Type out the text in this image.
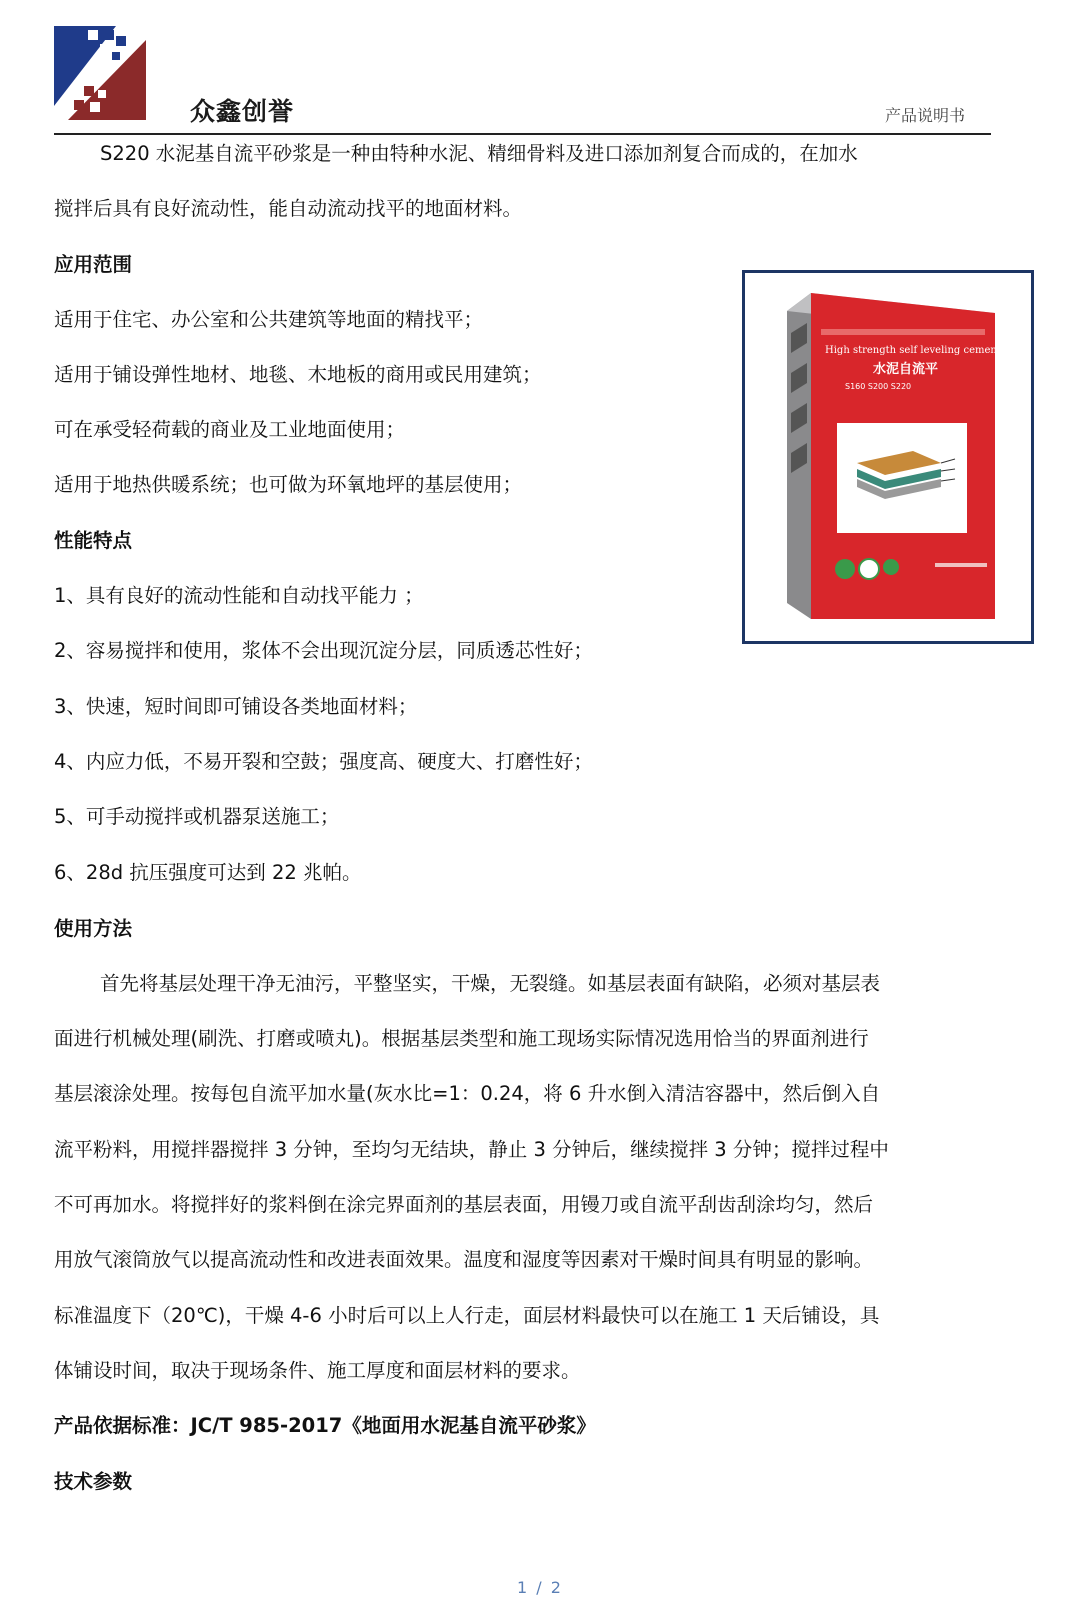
众鑫创誉	产品说明书
S220 水泥基自流平砂浆是一种由特种水泥、精细骨料及进口添加剂复合而成的，在加水
搅拌后具有良好流动性，能自动流动找平的地面材料。
应用范围
适用于住宅、办公室和公共建筑等地面的精找平；
适用于铺设弹性地材、地毯、木地板的商用或民用建筑；
可在承受轻荷载的商业及工业地面使用；
适用于地热供暖系统；也可做为环氧地坪的基层使用；
性能特点
1、具有良好的流动性能和自动找平能力 ；
2、容易搅拌和使用，浆体不会出现沉淀分层，同质透芯性好；
3、快速，短时间即可铺设各类地面材料；
4、内应力低，不易开裂和空鼓；强度高、硬度大、打磨性好；
5、可手动搅拌或机器泵送施工；
6、28d 抗压强度可达到 22 兆帕。
使用方法
首先将基层处理干净无油污，平整坚实，干燥，无裂缝。如基层表面有缺陷，必须对基层表
面进行机械处理(刷洗、打磨或喷丸)。根据基层类型和施工现场实际情况选用恰当的界面剂进行
基层滚涂处理。按每包自流平加水量(灰水比=1：0.24，将 6 升水倒入清洁容器中，然后倒入自
流平粉料，用搅拌器搅拌 3 分钟，至均匀无结块，静止 3 分钟后，继续搅拌 3 分钟；搅拌过程中
不可再加水。将搅拌好的浆料倒在涂完界面剂的基层表面，用镘刀或自流平刮齿刮涂均匀，然后
用放气滚筒放气以提高流动性和改进表面效果。温度和湿度等因素对干燥时间具有明显的影响。
标准温度下（20℃)，干燥 4-6 小时后可以上人行走，面层材料最快可以在施工 1 天后铺设，具
体铺设时间，取决于现场条件、施工厚度和面层材料的要求。
产品依据标准：JC/T 985-2017《地面用水泥基自流平砂浆》
技术参数
High strength self leveling cement
水泥自流平
S160 S200 S220
1 / 2
